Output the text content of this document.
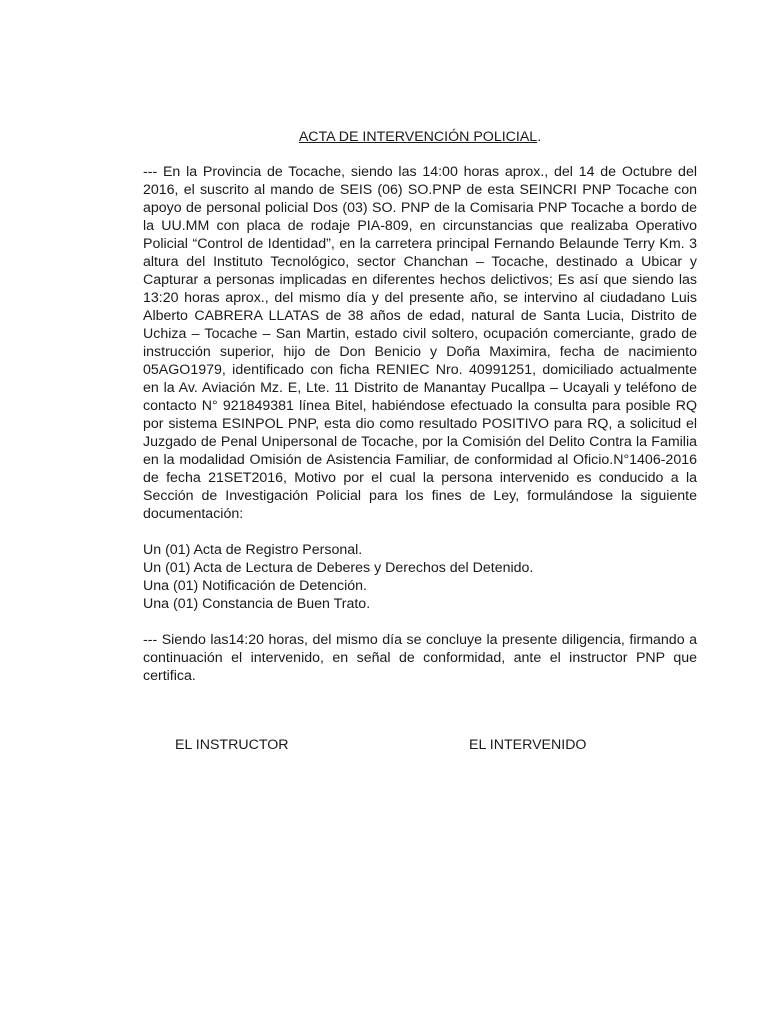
ACTA DE INTERVENCIÓN POLICIAL.

--- En la Provincia de Tocache, siendo las 14:00 horas aprox., del 14 de Octubre del 2016, el suscrito al mando de SEIS (06) SO.PNP de esta SEINCRI PNP Tocache con apoyo de personal policial Dos (03) SO. PNP de la Comisaria PNP Tocache a bordo de la UU.MM con placa de rodaje PIA-809, en circunstancias que realizaba Operativo Policial “Control de Identidad”, en la carretera principal Fernando Belaunde Terry Km. 3 altura del Instituto Tecnológico, sector Chanchan – Tocache, destinado a Ubicar y Capturar a personas implicadas en diferentes hechos delictivos; Es así que siendo las 13:20 horas aprox., del mismo día y del presente año, se intervino al ciudadano Luis Alberto CABRERA LLATAS de 38 años de edad, natural de Santa Lucia, Distrito de Uchiza – Tocache – San Martin, estado civil soltero, ocupación comerciante, grado de instrucción superior, hijo de Don Benicio y Doña Maximira, fecha de nacimiento 05AGO1979, identificado con ficha RENIEC Nro. 40991251, domiciliado actualmente en la Av. Aviación Mz. E, Lte. 11 Distrito de Manantay Pucallpa – Ucayali y teléfono de contacto N° 921849381 línea Bitel, habiéndose efectuado la consulta para posible RQ por sistema ESINPOL PNP, esta dio como resultado POSITIVO para RQ, a solicitud el Juzgado de Penal Unipersonal de Tocache, por la Comisión del Delito Contra la Familia en la modalidad Omisión de Asistencia Familiar, de conformidad al Oficio.N°1406-2016 de fecha 21SET2016, Motivo por el cual la persona intervenido es conducido a la Sección de Investigación Policial para los fines de Ley, formulándose la siguiente documentación:

Un (01) Acta de Registro Personal.
Un (01) Acta de Lectura de Deberes y Derechos del Detenido.
Una (01) Notificación de Detención.
Una (01) Constancia de Buen Trato.

--- Siendo las14:20 horas, del mismo día se concluye la presente diligencia, firmando a continuación el intervenido, en señal de conformidad, ante el instructor PNP que certifica.

EL INSTRUCTOR	EL INTERVENIDO
